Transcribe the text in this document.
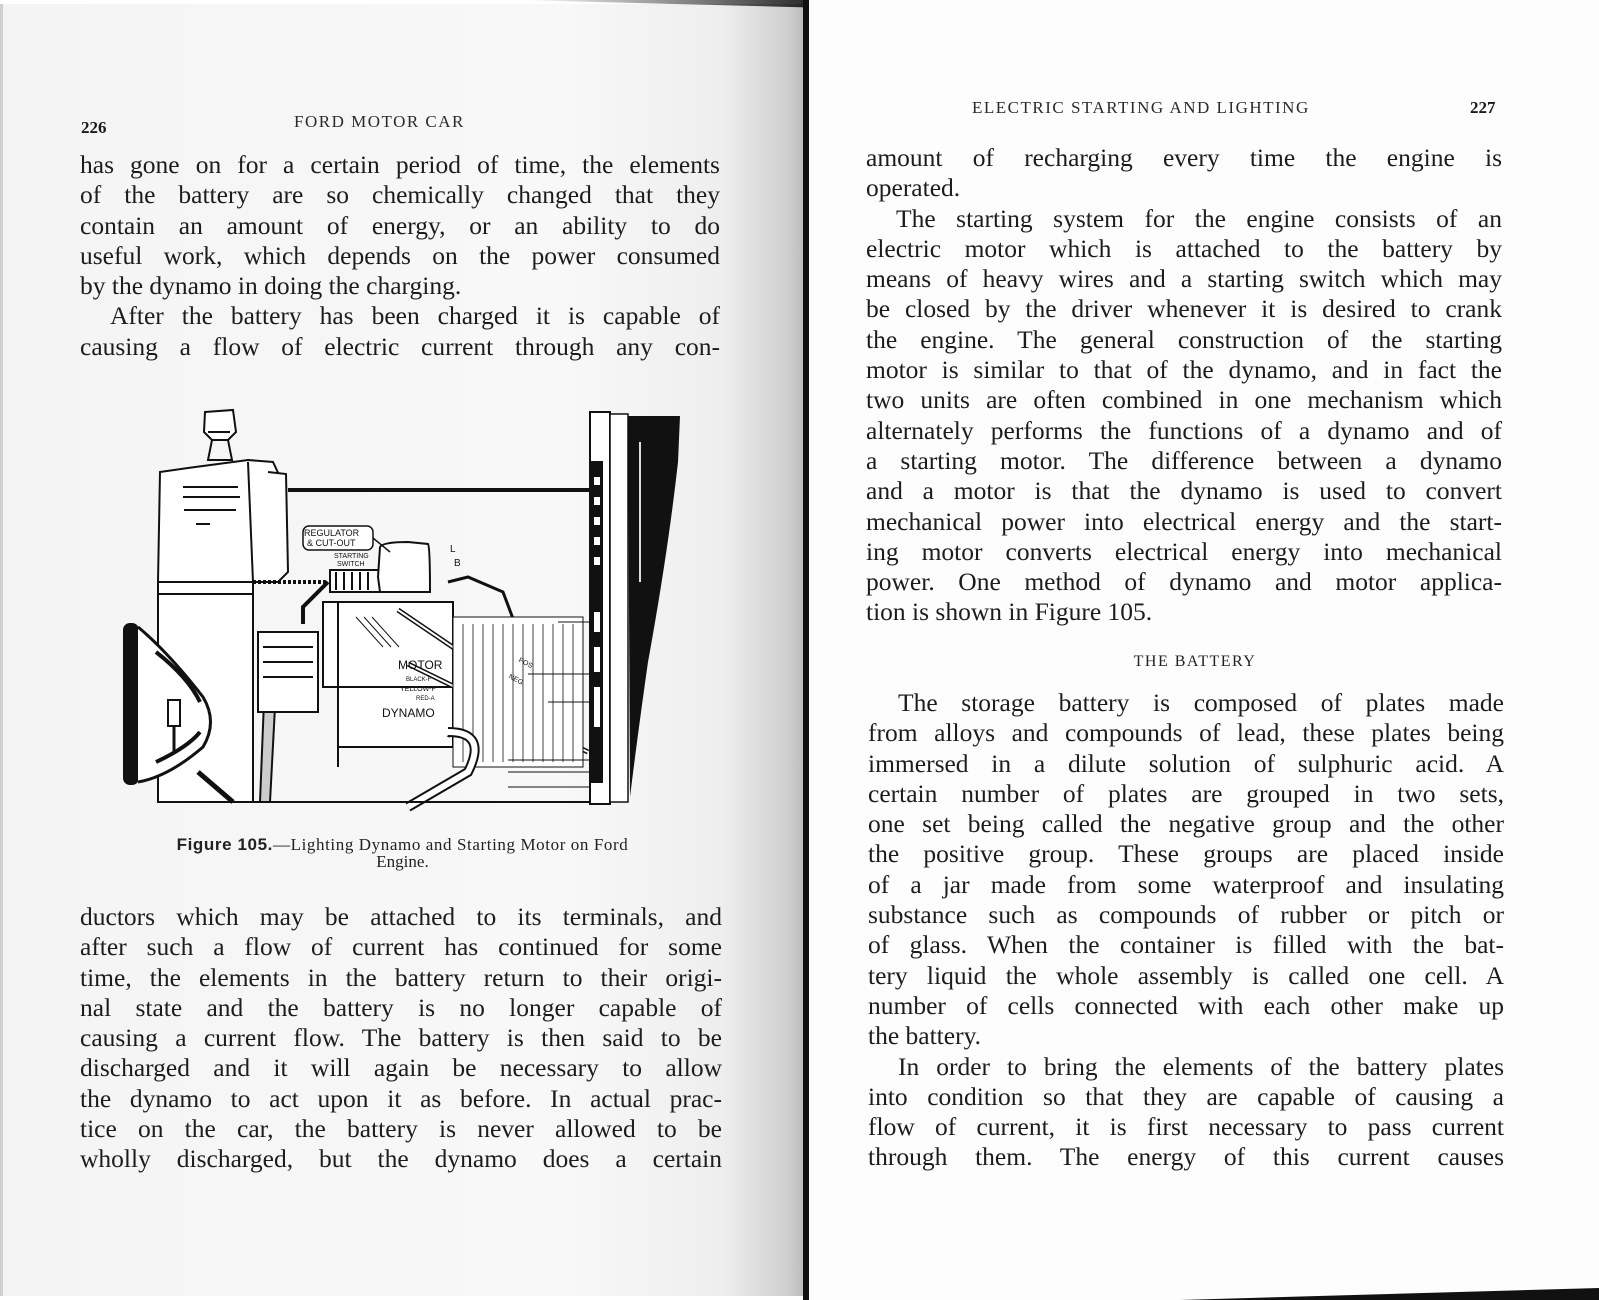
226	FORD MOTOR CAR
has gone on for a certain period of time, the elements
of the battery are so chemically changed that they
contain an amount of energy, or an ability to do
useful work, which depends on the power consumed
by the dynamo in doing the charging.
After the battery has been charged it is capable of
causing a flow of electric current through any con-
REGULATOR
& CUT-OUT
STARTING
SWITCH
L
B
MOTOR
BLACK-F
YELLOW-F
RED-A
DYNAMO
POS
NEG.
Figure 105.—Lighting Dynamo and Starting Motor on Ford
Engine.
ductors which may be attached to its terminals, and
after such a flow of current has continued for some
time, the elements in the battery return to their origi-
nal state and the battery is no longer capable of
causing a current flow. The battery is then said to be
discharged and it will again be necessary to allow
the dynamo to act upon it as before. In actual prac-
tice on the car, the battery is never allowed to be
wholly discharged, but the dynamo does a certain
ELECTRIC STARTING AND LIGHTING	227
amount of recharging every time the engine is
operated.
The starting system for the engine consists of an
electric motor which is attached to the battery by
means of heavy wires and a starting switch which may
be closed by the driver whenever it is desired to crank
the engine. The general construction of the starting
motor is similar to that of the dynamo, and in fact the
two units are often combined in one mechanism which
alternately performs the functions of a dynamo and of
a starting motor. The difference between a dynamo
and a motor is that the dynamo is used to convert
mechanical power into electrical energy and the start-
ing motor converts electrical energy into mechanical
power. One method of dynamo and motor applica-
tion is shown in Figure 105.
THE BATTERY
The storage battery is composed of plates made
from alloys and compounds of lead, these plates being
immersed in a dilute solution of sulphuric acid. A
certain number of plates are grouped in two sets,
one set being called the negative group and the other
the positive group. These groups are placed inside
of a jar made from some waterproof and insulating
substance such as compounds of rubber or pitch or
of glass. When the container is filled with the bat-
tery liquid the whole assembly is called one cell. A
number of cells connected with each other make up
the battery.
In order to bring the elements of the battery plates
into condition so that they are capable of causing a
flow of current, it is first necessary to pass current
through them. The energy of this current causes
